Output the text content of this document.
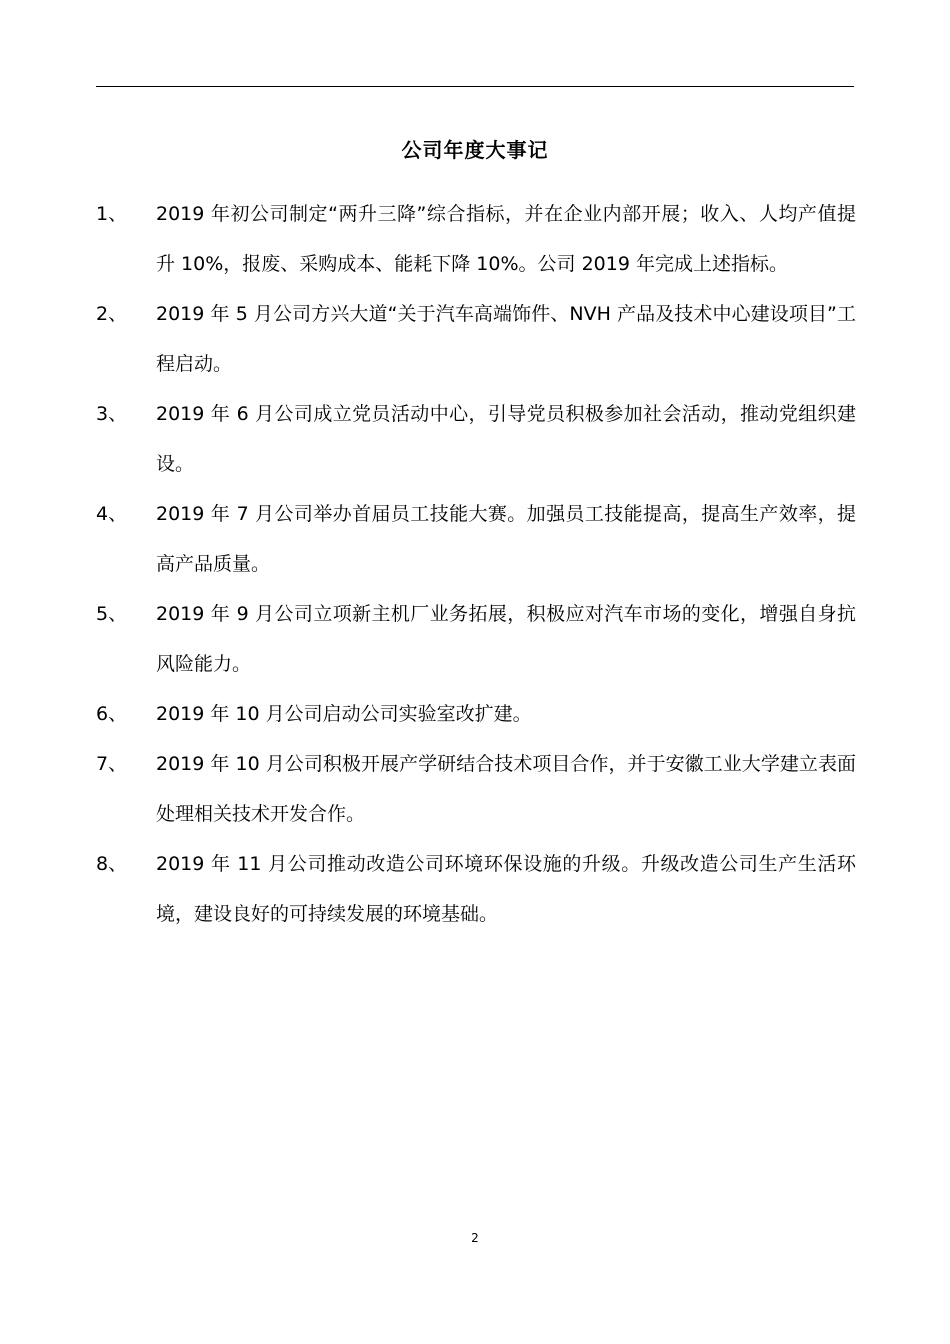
公司年度大事记
1、	2019 年初公司制定“两升三降”综合指标，并在企业内部开展；收入、人均产值提升 10%，报废、采购成本、能耗下降 10%。公司 2019 年完成上述指标。
2、	2019 年 5 月公司方兴大道“关于汽车高端饰件、NVH 产品及技术中心建设项目”工程启动。
3、	2019 年 6 月公司成立党员活动中心，引导党员积极参加社会活动，推动党组织建设。
4、	2019 年 7 月公司举办首届员工技能大赛。加强员工技能提高，提高生产效率，提高产品质量。
5、	2019 年 9 月公司立项新主机厂业务拓展，积极应对汽车市场的变化，增强自身抗风险能力。
6、	2019 年 10 月公司启动公司实验室改扩建。
7、	2019 年 10 月公司积极开展产学研结合技术项目合作，并于安徽工业大学建立表面处理相关技术开发合作。
8、	2019 年 11 月公司推动改造公司环境环保设施的升级。升级改造公司生产生活环境，建设良好的可持续发展的环境基础。
2
